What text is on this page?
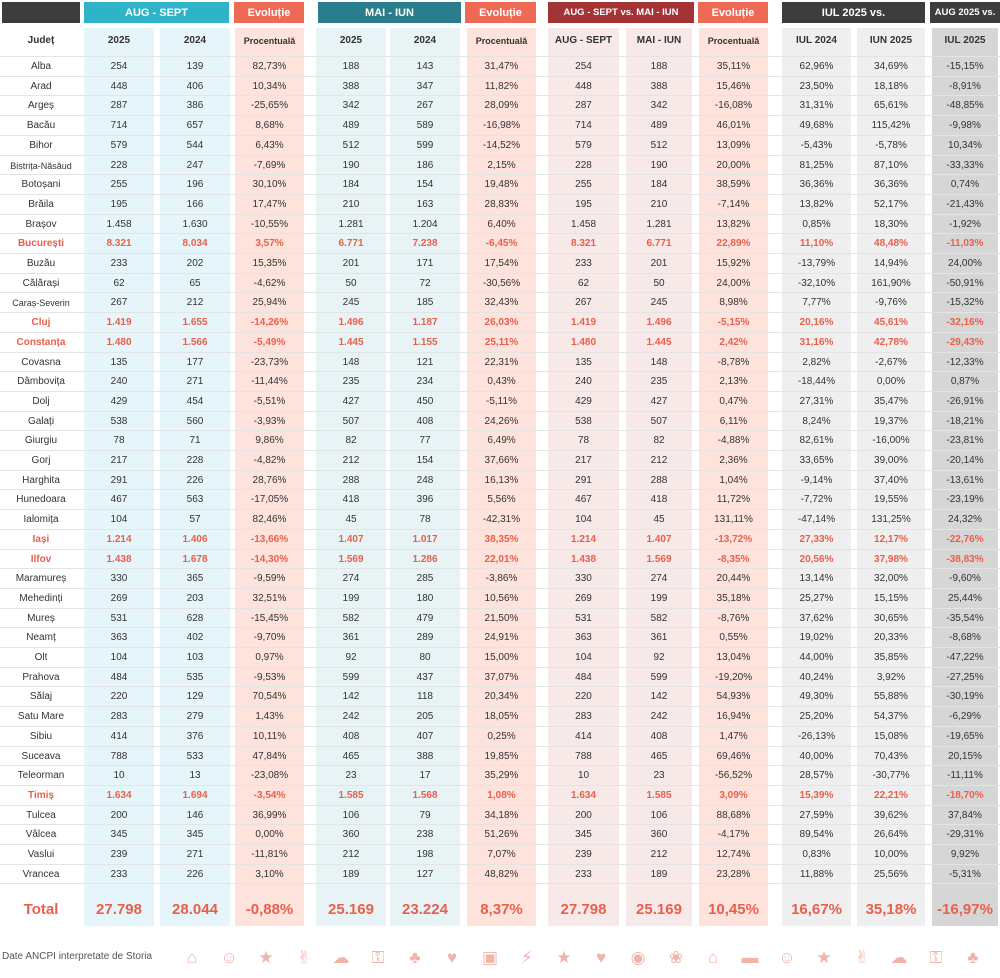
AUG - SEPT	Evoluție	MAI - IUN	Evoluție	AUG - SEPT vs. MAI - IUN	Evoluție	IUL 2025 vs.	AUG 2025 vs.
Județ	2025	2024	Procentuală	2025	2024	Procentuală	AUG - SEPT	MAI - IUN	Procentuală	IUL 2024	IUN 2025	IUL 2025
Alba	254	139	82,73%	188	143	31,47%	254	188	35,11%	62,96%	34,69%	-15,15%
Arad	448	406	10,34%	388	347	11,82%	448	388	15,46%	23,50%	18,18%	-8,91%
Argeș	287	386	-25,65%	342	267	28,09%	287	342	-16,08%	31,31%	65,61%	-48,85%
Bacău	714	657	8,68%	489	589	-16,98%	714	489	46,01%	49,68%	115,42%	-9,98%
Bihor	579	544	6,43%	512	599	-14,52%	579	512	13,09%	-5,43%	-5,78%	10,34%
Bistrița-Năsăud	228	247	-7,69%	190	186	2,15%	228	190	20,00%	81,25%	87,10%	-33,33%
Botoșani	255	196	30,10%	184	154	19,48%	255	184	38,59%	36,36%	36,36%	0,74%
Brăila	195	166	17,47%	210	163	28,83%	195	210	-7,14%	13,82%	52,17%	-21,43%
Brașov	1.458	1.630	-10,55%	1.281	1.204	6,40%	1.458	1.281	13,82%	0,85%	18,30%	-1,92%
București	8.321	8.034	3,57%	6.771	7.238	-6,45%	8.321	6.771	22,89%	11,10%	48,48%	-11,03%
Buzău	233	202	15,35%	201	171	17,54%	233	201	15,92%	-13,79%	14,94%	24,00%
Călărași	62	65	-4,62%	50	72	-30,56%	62	50	24,00%	-32,10%	161,90%	-50,91%
Caraș-Severin	267	212	25,94%	245	185	32,43%	267	245	8,98%	7,77%	-9,76%	-15,32%
Cluj	1.419	1.655	-14,26%	1.496	1.187	26,03%	1.419	1.496	-5,15%	20,16%	45,61%	-32,16%
Constanța	1.480	1.566	-5,49%	1.445	1.155	25,11%	1.480	1.445	2,42%	31,16%	42,78%	-29,43%
Covasna	135	177	-23,73%	148	121	22,31%	135	148	-8,78%	2,82%	-2,67%	-12,33%
Dâmbovița	240	271	-11,44%	235	234	0,43%	240	235	2,13%	-18,44%	0,00%	0,87%
Dolj	429	454	-5,51%	427	450	-5,11%	429	427	0,47%	27,31%	35,47%	-26,91%
Galați	538	560	-3,93%	507	408	24,26%	538	507	6,11%	8,24%	19,37%	-18,21%
Giurgiu	78	71	9,86%	82	77	6,49%	78	82	-4,88%	82,61%	-16,00%	-23,81%
Gorj	217	228	-4,82%	212	154	37,66%	217	212	2,36%	33,65%	39,00%	-20,14%
Harghita	291	226	28,76%	288	248	16,13%	291	288	1,04%	-9,14%	37,40%	-13,61%
Hunedoara	467	563	-17,05%	418	396	5,56%	467	418	11,72%	-7,72%	19,55%	-23,19%
Ialomița	104	57	82,46%	45	78	-42,31%	104	45	131,11%	-47,14%	131,25%	24,32%
Iași	1.214	1.406	-13,66%	1.407	1.017	38,35%	1.214	1.407	-13,72%	27,33%	12,17%	-22,76%
Ilfov	1.438	1.678	-14,30%	1.569	1.286	22,01%	1.438	1.569	-8,35%	20,56%	37,98%	-38,83%
Maramureș	330	365	-9,59%	274	285	-3,86%	330	274	20,44%	13,14%	32,00%	-9,60%
Mehedinți	269	203	32,51%	199	180	10,56%	269	199	35,18%	25,27%	15,15%	25,44%
Mureș	531	628	-15,45%	582	479	21,50%	531	582	-8,76%	37,62%	30,65%	-35,54%
Neamț	363	402	-9,70%	361	289	24,91%	363	361	0,55%	19,02%	20,33%	-8,68%
Olt	104	103	0,97%	92	80	15,00%	104	92	13,04%	44,00%	35,85%	-47,22%
Prahova	484	535	-9,53%	599	437	37,07%	484	599	-19,20%	40,24%	3,92%	-27,25%
Sălaj	220	129	70,54%	142	118	20,34%	220	142	54,93%	49,30%	55,88%	-30,19%
Satu Mare	283	279	1,43%	242	205	18,05%	283	242	16,94%	25,20%	54,37%	-6,29%
Sibiu	414	376	10,11%	408	407	0,25%	414	408	1,47%	-26,13%	15,08%	-19,65%
Suceava	788	533	47,84%	465	388	19,85%	788	465	69,46%	40,00%	70,43%	20,15%
Teleorman	10	13	-23,08%	23	17	35,29%	10	23	-56,52%	28,57%	-30,77%	-11,11%
Timiș	1.634	1.694	-3,54%	1.585	1.568	1,08%	1.634	1.585	3,09%	15,39%	22,21%	-18,70%
Tulcea	200	146	36,99%	106	79	34,18%	200	106	88,68%	27,59%	39,62%	37,84%
Vâlcea	345	345	0,00%	360	238	51,26%	345	360	-4,17%	89,54%	26,64%	-29,31%
Vaslui	239	271	-11,81%	212	198	7,07%	239	212	12,74%	0,83%	10,00%	9,92%
Vrancea	233	226	3,10%	189	127	48,82%	233	189	23,28%	11,88%	25,56%	-5,31%
Total	27.798	28.044	-0,88%	25.169	23.224	8,37%	27.798	25.169	10,45%	16,67%	35,18%	-16,97%
Date ANCPI interpretate de Storia ⌂ ☺ ★ ✌ ☁ ⚿ ♣ ♥ ▣ ⚡ ★ ♥ ◉ ❀ ⌂ ▬ ☺ ★ ✌ ☁ ⚿ ♣
